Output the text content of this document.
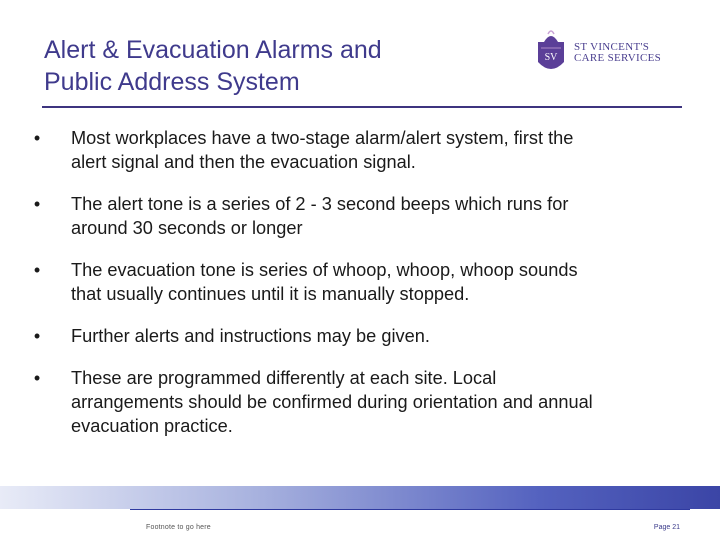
Alert & Evacuation Alarms and
Public Address System
SV
ST VINCENT'S
CARE SERVICES
• Most workplaces have a two-stage alarm/alert system, first the alert signal and then the evacuation signal.
• The alert tone is a series of 2 - 3 second beeps which runs for around 30 seconds or longer
• The evacuation tone is series of whoop, whoop, whoop sounds that usually continues until it is manually stopped.
• Further alerts and instructions may be given.
• These are programmed differently at each site. Local arrangements should be confirmed during orientation and annual evacuation practice.
Footnote to go here	Page 21
